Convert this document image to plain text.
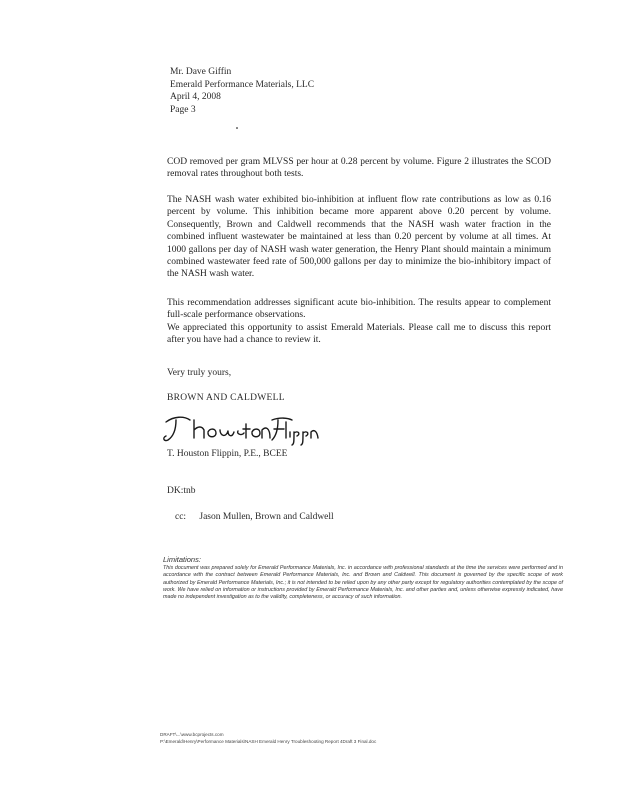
Mr. Dave Giffin
Emerald Performance Materials, LLC
April 4, 2008
Page 3
COD removed per gram MLVSS per hour at 0.28 percent by volume. Figure 2 illustrates the SCOD removal rates throughout both tests.
The NASH wash water exhibited bio-inhibition at influent flow rate contributions as low as 0.16 percent by volume. This inhibition became more apparent above 0.20 percent by volume. Consequently, Brown and Caldwell recommends that the NASH wash water fraction in the combined influent wastewater be maintained at less than 0.20 percent by volume at all times. At 1000 gallons per day of NASH wash water generation, the Henry Plant should maintain a minimum combined wastewater feed rate of 500,000 gallons per day to minimize the bio-inhibitory impact of the NASH wash water.
This recommendation addresses significant acute bio-inhibition. The results appear to complement full-scale performance observations.
We appreciated this opportunity to assist Emerald Materials. Please call me to discuss this report after you have had a chance to review it.
Very truly yours,
BROWN AND CALDWELL
T. Houston Flippin, P.E., BCEE
DK:tnb
cc: Jason Mullen, Brown and Caldwell
Limitations:
This document was prepared solely for Emerald Performance Materials, Inc. in accordance with professional standards at the time the services were performed and in accordance with the contract between Emerald Performance Materials, Inc. and Brown and Caldwell. This document is governed by the specific scope of work authorized by Emerald Performance Materials, Inc.; it is not intended to be relied upon by any other party except for regulatory authorities contemplated by the scope of work. We have relied on information or instructions provided by Emerald Performance Materials, Inc. and other parties and, unless otherwise expressly indicated, have made no independent investigation as to the validity, completeness, or accuracy of such information.
DRAFT\...\www.bcprojects.com
P:\Emerald\Henry\Performance Materials\NASH Emerald Henry Troubleshooting Report 4Draft 3 Final.doc
